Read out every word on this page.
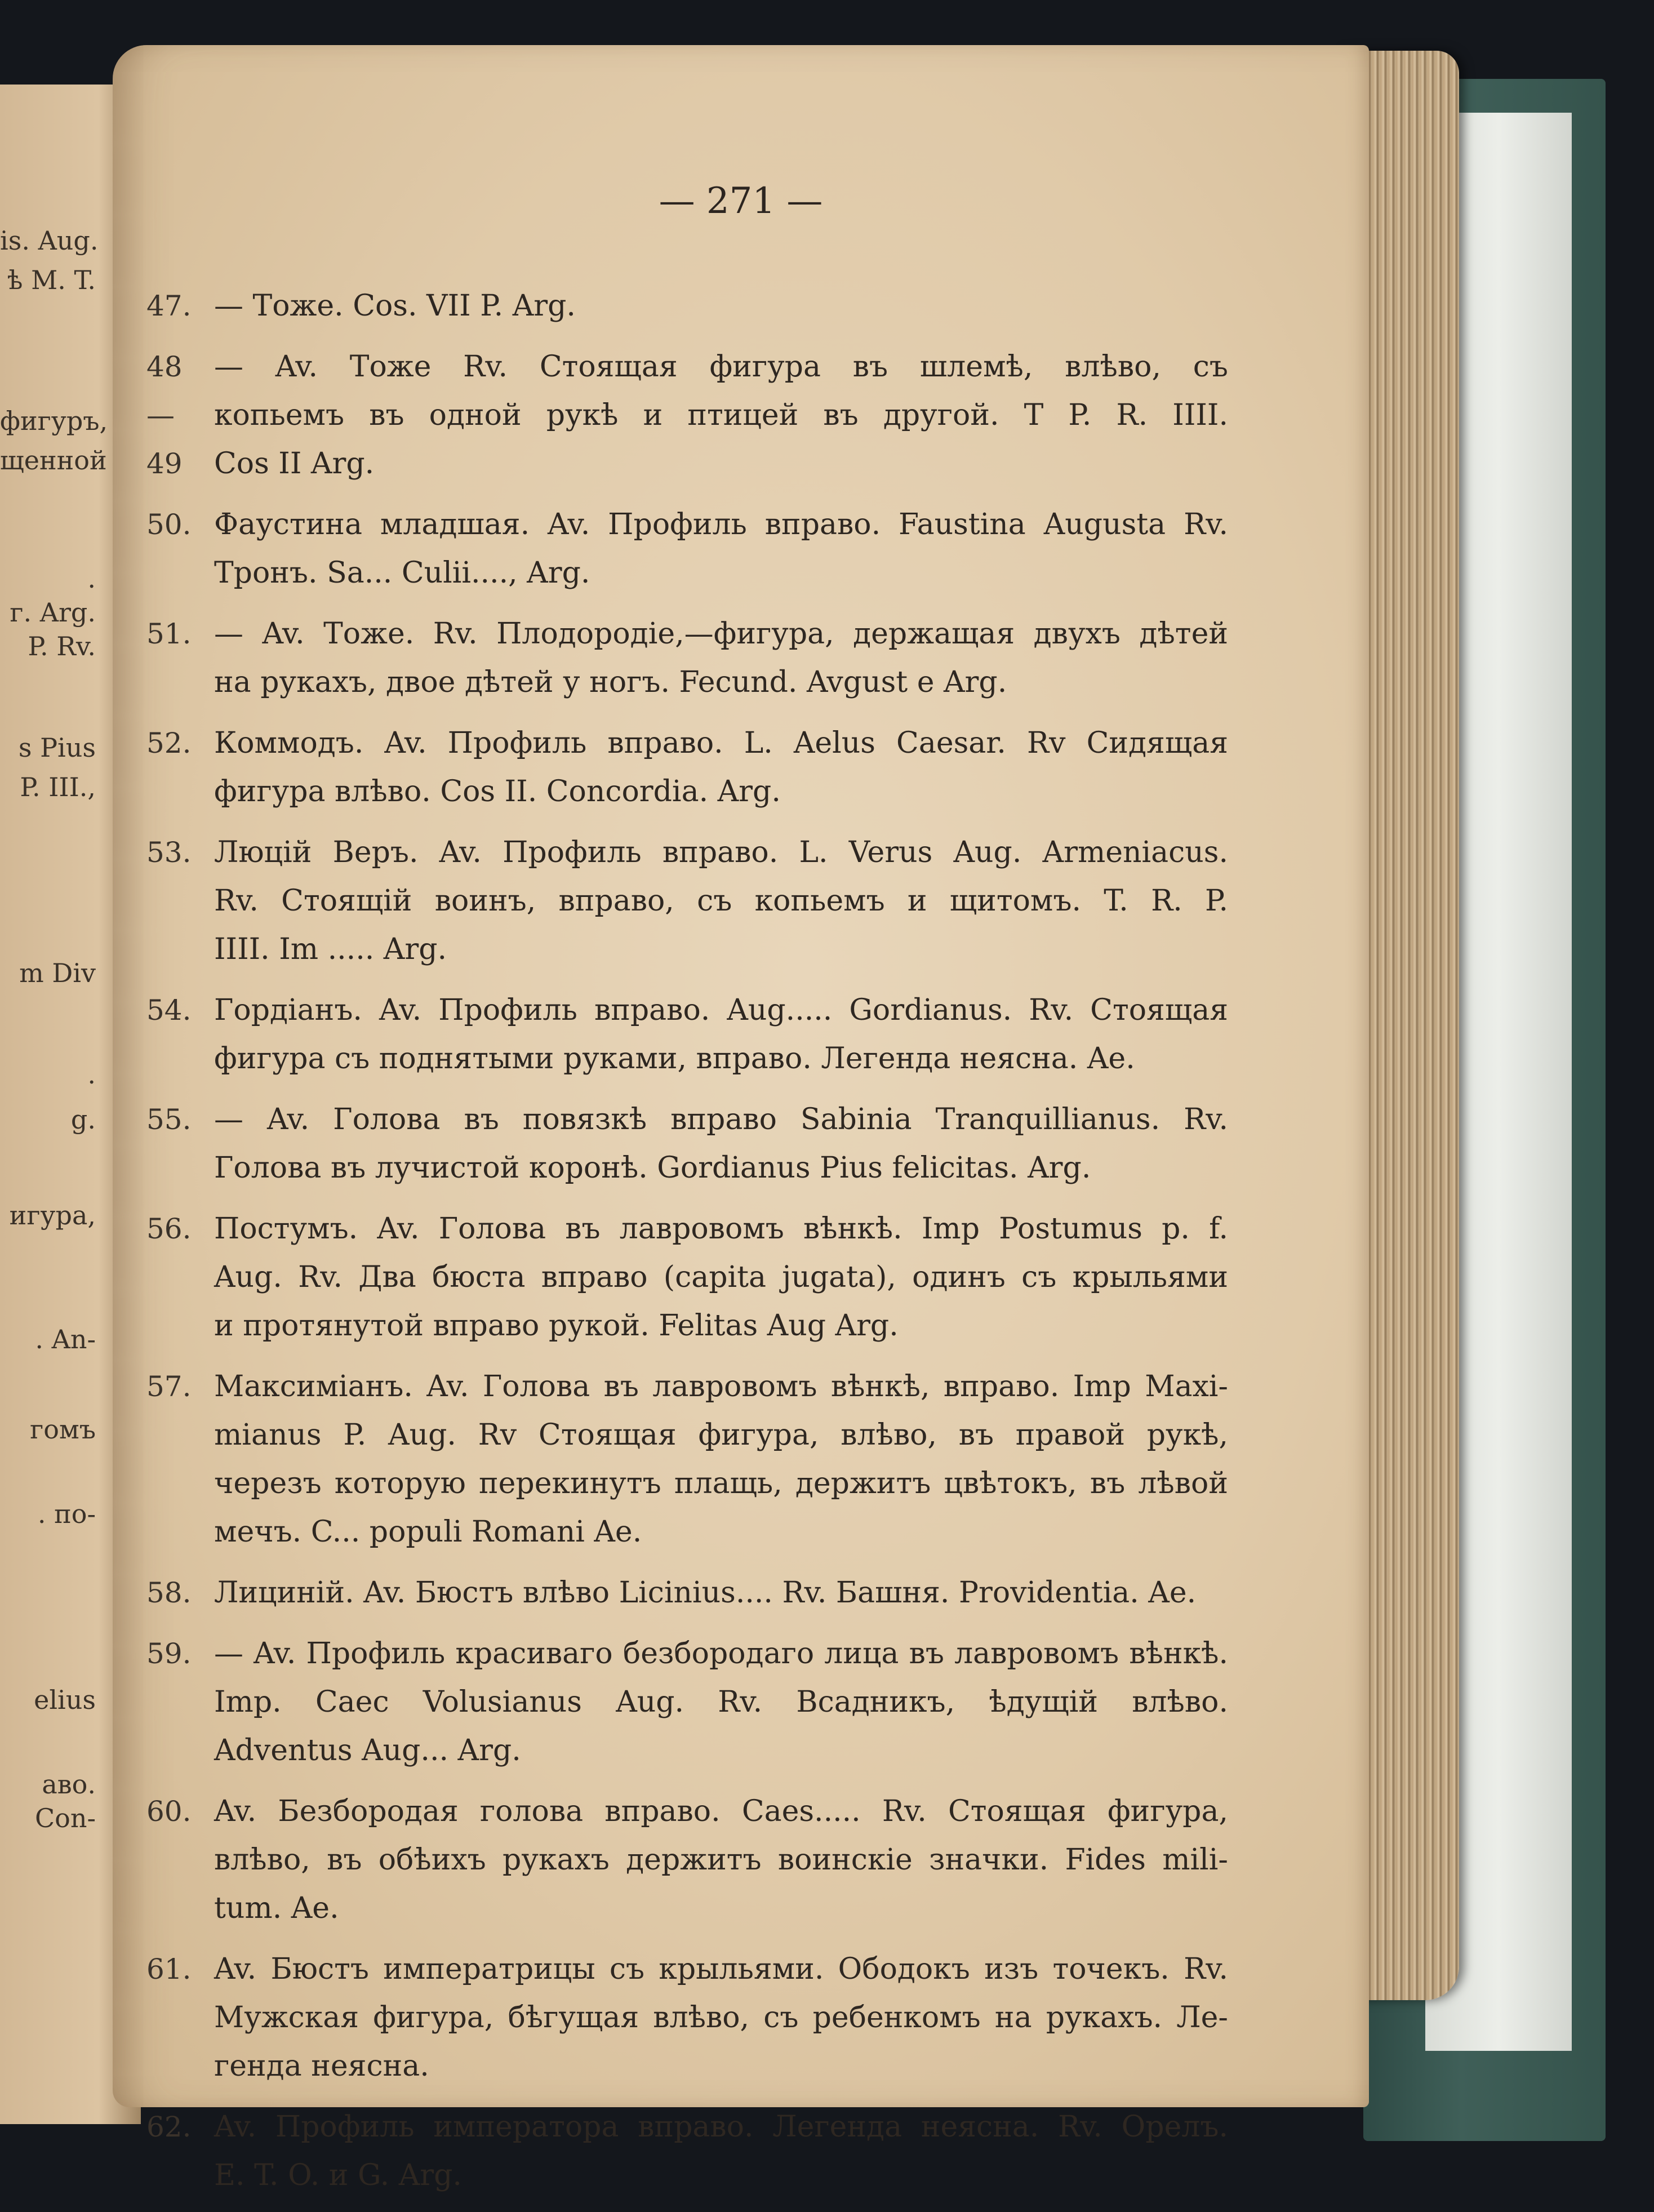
is. Aug.
ѣ M. T.
фигуръ,
щенной
.
г. Arg.
P. Rv.
s Pius
P. III.,
m Div
.
g.
игура,
. An-
гомъ
. по-
elius
аво.
Con-
— 271 —
47. — Тоже. Cos. VII P. Arg.
48—49
— Av. Тоже Rv. Стоящая фигура въ шлемѣ, влѣво, съ
копьемъ въ одной рукѣ и птицей въ другой. T P. R. IIII.
Cos II Arg.
50. Фаустина младшая. Av. Профиль вправо. Faustina Augusta Rv.
Тронъ. Sa... Culii...., Arg.
51. — Av. Тоже. Rv. Плодородіе,—фигура, держащая двухъ дѣтей
на рукахъ, двое дѣтей у ногъ. Fecund. Avgust e Arg.
52. Коммодъ. Av. Профиль вправо. L. Aelus Caesar. Rv Сидящая
фигура влѣво. Cos II. Concordia. Arg.
53. Люцій Веръ. Av. Профиль вправо. L. Verus Aug. Armeniacus.
Rv. Стоящій воинъ, вправо, съ копьемъ и щитомъ. T. R. P.
IIII. Im ..... Arg.
54. Гордіанъ. Av. Профиль вправо. Aug..... Gordianus. Rv. Стоящая
фигура съ поднятыми руками, вправо. Легенда неясна. Ae.
55. — Av. Голова въ повязкѣ вправо Sabinia Tranquillianus. Rv.
Голова въ лучистой коронѣ. Gordianus Pius felicitas. Arg.
56. Постумъ. Av. Голова въ лавровомъ вѣнкѣ. Imp Postumus p. f.
Aug. Rv. Два бюста вправо (capita jugata), одинъ съ крыльями
и протянутой вправо рукой. Felitas Aug Arg.
57. Максиміанъ. Av. Голова въ лавровомъ вѣнкѣ, вправо. Imp Maxi-
mianus P. Aug. Rv Стоящая фигура, влѣво, въ правой рукѣ,
черезъ которую перекинутъ плащь, держитъ цвѣтокъ, въ лѣвой
мечъ. C... populi Romani Ae.
58. Лициній. Av. Бюстъ влѣво Licinius.... Rv. Башня. Providentia. Ae.
59. — Av. Профиль красиваго безбородаго лица въ лавровомъ вѣнкѣ.
Imp. Caec Volusianus Aug. Rv. Всадникъ, ѣдущій влѣво.
Adventus Aug... Arg.
60. Av. Безбородая голова вправо. Caes..... Rv. Стоящая фигура,
влѣво, въ обѣихъ рукахъ держитъ воинскіе значки. Fides mili-
tum. Ae.
61. Av. Бюстъ императрицы съ крыльями. Ободокъ изъ точекъ. Rv.
Мужская фигура, бѣгущая влѣво, съ ребенкомъ на рукахъ. Ле-
генда неясна.
62. Av. Профиль императора вправо. Легенда неясна. Rv. Орелъ.
E. T. O. и G. Arg.
